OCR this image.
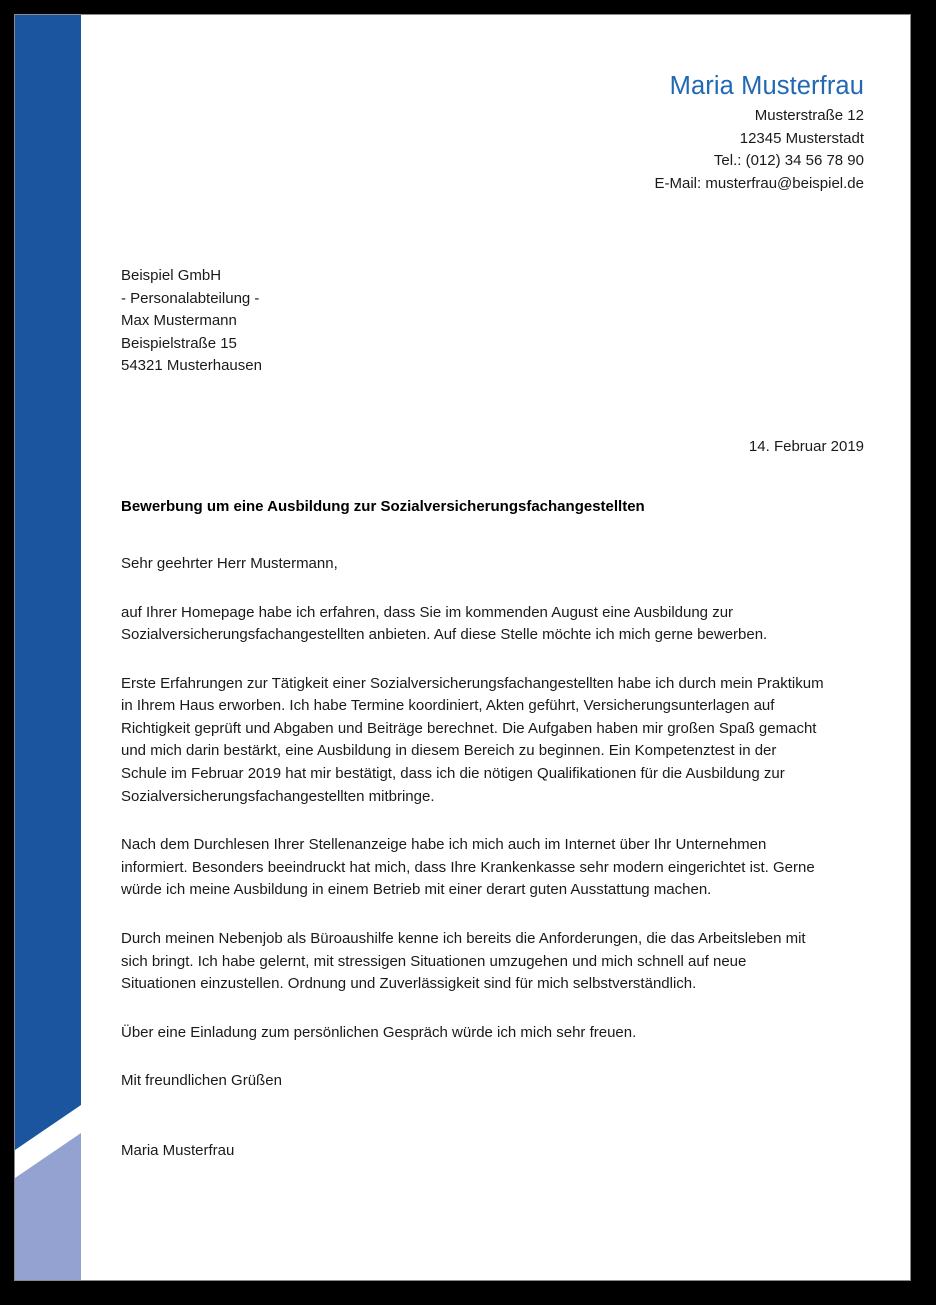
Maria Musterfrau
Musterstraße 12
12345 Musterstadt
Tel.: (012) 34 56 78 90
E-Mail: musterfrau@beispiel.de
Beispiel GmbH
- Personalabteilung -
Max Mustermann
Beispielstraße 15
54321 Musterhausen
14. Februar 2019
Bewerbung um eine Ausbildung zur Sozialversicherungsfachangestellten

Sehr geehrter Herr Mustermann,

auf Ihrer Homepage habe ich erfahren, dass Sie im kommenden August eine Ausbildung zur Sozialversicherungsfachangestellten anbieten. Auf diese Stelle möchte ich mich gerne bewerben.

Erste Erfahrungen zur Tätigkeit einer Sozialversicherungsfachangestellten habe ich durch mein Praktikum in Ihrem Haus erworben. Ich habe Termine koordiniert, Akten geführt, Versicherungsunterlagen auf Richtigkeit geprüft und Abgaben und Beiträge berechnet. Die Aufgaben haben mir großen Spaß gemacht und mich darin bestärkt, eine Ausbildung in diesem Bereich zu beginnen. Ein Kompetenztest in der Schule im Februar 2019 hat mir bestätigt, dass ich die nötigen Qualifikationen für die Ausbildung zur Sozialversicherungsfachangestellten mitbringe.

Nach dem Durchlesen Ihrer Stellenanzeige habe ich mich auch im Internet über Ihr Unternehmen informiert. Besonders beeindruckt hat mich, dass Ihre Krankenkasse sehr modern eingerichtet ist. Gerne würde ich meine Ausbildung in einem Betrieb mit einer derart guten Ausstattung machen.

Durch meinen Nebenjob als Büroaushilfe kenne ich bereits die Anforderungen, die das Arbeitsleben mit sich bringt. Ich habe gelernt, mit stressigen Situationen umzugehen und mich schnell auf neue Situationen einzustellen. Ordnung und Zuverlässigkeit sind für mich selbstverständlich.

Über eine Einladung zum persönlichen Gespräch würde ich mich sehr freuen.

Mit freundlichen Grüßen

Maria Musterfrau
